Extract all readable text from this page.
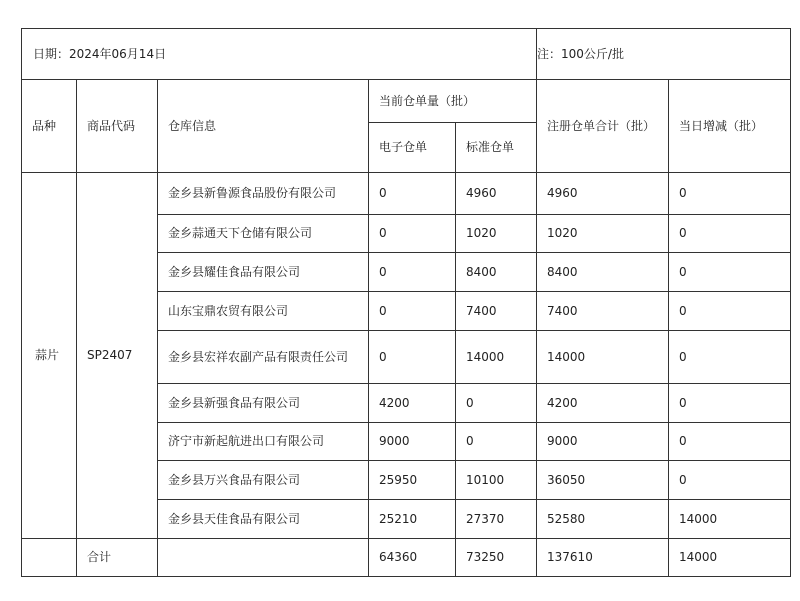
日期：2024年06月14日					注：100公斤/批	
品种	商品代码	仓库信息	当前仓单量（批）		注册仓单合计（批）	当日增减（批）
			电子仓单	标准仓单		
蒜片	SP2407	金乡县新鲁源食品股份有限公司	0	4960	4960	0
		金乡蒜通天下仓储有限公司	0	1020	1020	0
		金乡县耀佳食品有限公司	0	8400	8400	0
		山东宝鼎农贸有限公司	0	7400	7400	0
		金乡县宏祥农副产品有限责任公司	0	14000	14000	0
		金乡县新强食品有限公司	4200	0	4200	0
		济宁市新起航进出口有限公司	9000	0	9000	0
		金乡县万兴食品有限公司	25950	10100	36050	0
		金乡县天佳食品有限公司	25210	27370	52580	14000
	合计		64360	73250	137610	14000
